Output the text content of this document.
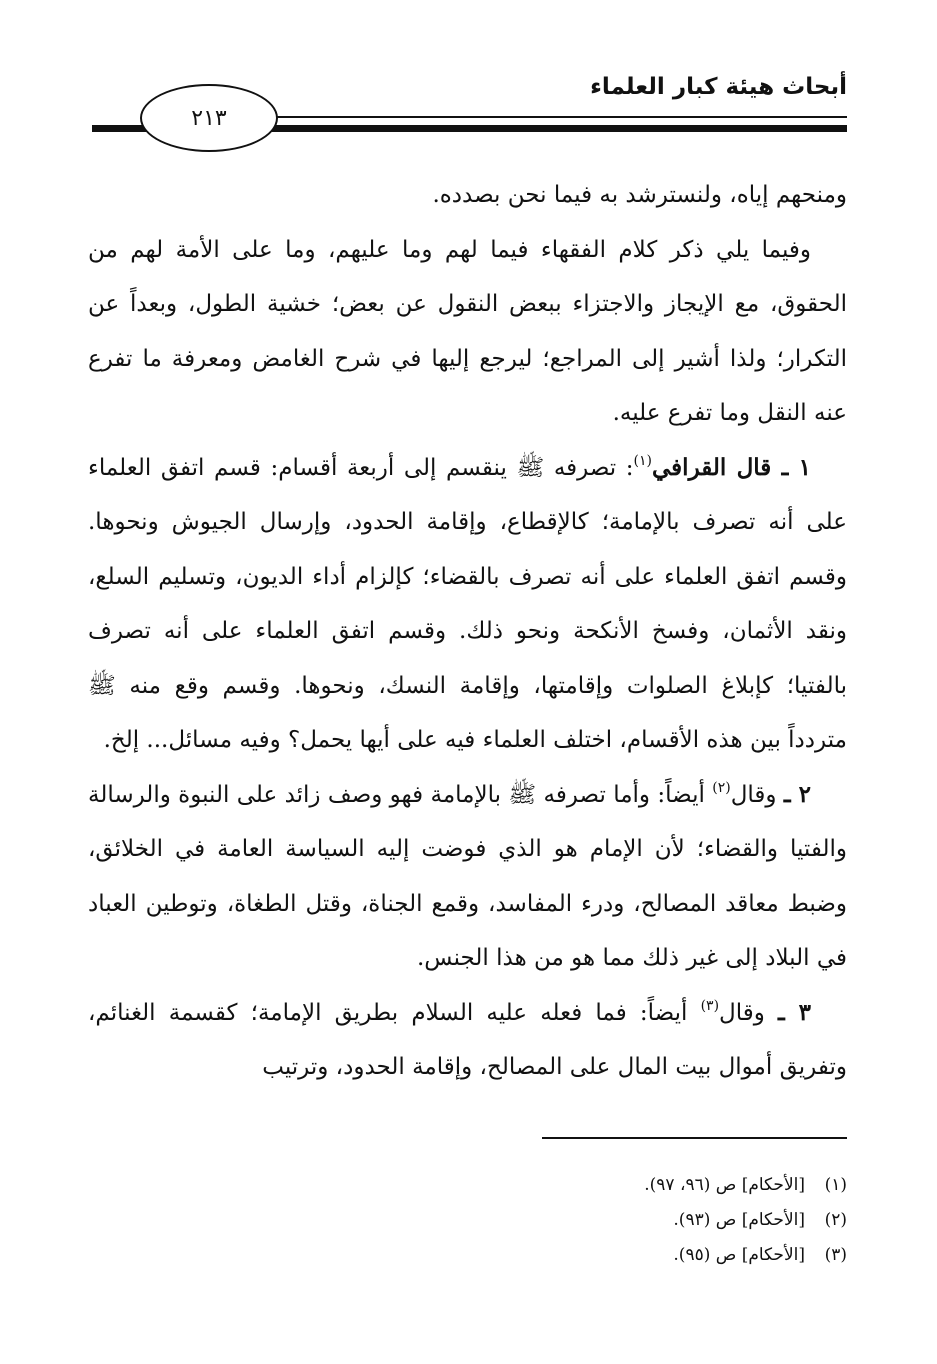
أبحاث هيئة كبار العلماء
٢١٣

ومنحهم إياه، ولنسترشد به فيما نحن بصدده.

وفيما يلي ذكر كلام الفقهاء فيما لهم وما عليهم، وما على الأمة لهم من الحقوق، مع الإيجاز والاجتزاء ببعض النقول عن بعض؛ خشية الطول، وبعداً عن التكرار؛ ولذا أشير إلى المراجع؛ ليرجع إليها في شرح الغامض ومعرفة ما تفرع عنه النقل وما تفرع عليه.

١ ـ قال القرافي$^{(١)}$: تصرفه ﷺ ينقسم إلى أربعة أقسام: قسم اتفق العلماء على أنه تصرف بالإمامة؛ كالإقطاع، وإقامة الحدود، وإرسال الجيوش ونحوها. وقسم اتفق العلماء على أنه تصرف بالقضاء؛ كإلزام أداء الديون، وتسليم السلع، ونقد الأثمان، وفسخ الأنكحة ونحو ذلك. وقسم اتفق العلماء على أنه تصرف بالفتيا؛ كإبلاغ الصلوات وإقامتها، وإقامة النسك، ونحوها. وقسم وقع منه ﷺ متردداً بين هذه الأقسام، اختلف العلماء فيه على أيها يحمل؟ وفيه مسائل... إلخ.

٢ ـ وقال$^{(٢)}$ أيضاً: وأما تصرفه ﷺ بالإمامة فهو وصف زائد على النبوة والرسالة والفتيا والقضاء؛ لأن الإمام هو الذي فوضت إليه السياسة العامة في الخلائق، وضبط معاقد المصالح، ودرء المفاسد، وقمع الجناة، وقتل الطغاة، وتوطين العباد في البلاد إلى غير ذلك مما هو من هذا الجنس.

٣ ـ وقال$^{(٣)}$ أيضاً: فما فعله عليه السلام بطريق الإمامة؛ كقسمة الغنائم، وتفريق أموال بيت المال على المصالح، وإقامة الحدود، وترتيب

(١)[الأحكام] ص (٩٦، ٩٧).
(٢)[الأحكام] ص (٩٣).
(٣)[الأحكام] ص (٩٥).
